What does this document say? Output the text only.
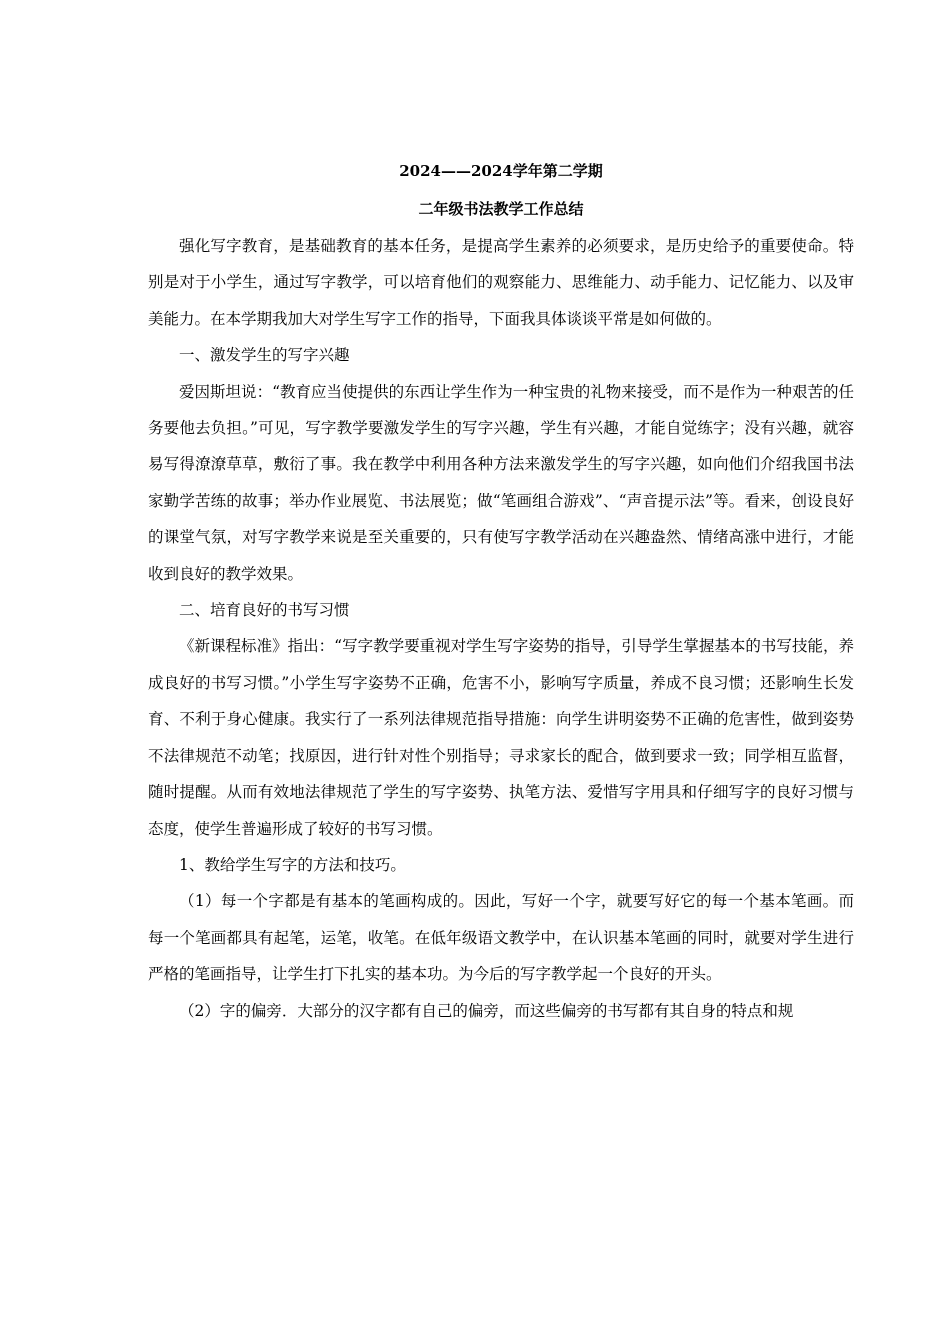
2024——2024学年第二学期

二年级书法教学工作总结

强化写字教育，是基础教育的基本任务，是提高学生素养的必须要求，是历史给予的重要使命。特别是对于小学生，通过写字教学，可以培育他们的观察能力、思维能力、动手能力、记忆能力、以及审美能力。在本学期我加大对学生写字工作的指导，下面我具体谈谈平常是如何做的。

一、激发学生的写字兴趣

爱因斯坦说：“教育应当使提供的东西让学生作为一种宝贵的礼物来接受，而不是作为一种艰苦的任务要他去负担。”可见，写字教学要激发学生的写字兴趣，学生有兴趣，才能自觉练字；没有兴趣，就容易写得潦潦草草，敷衍了事。我在教学中利用各种方法来激发学生的写字兴趣，如向他们介绍我国书法家勤学苦练的故事；举办作业展览、书法展览；做“笔画组合游戏”、“声音提示法”等。看来，创设良好的课堂气氛，对写字教学来说是至关重要的，只有使写字教学活动在兴趣盎然、情绪高涨中进行，才能收到良好的教学效果。

二、培育良好的书写习惯

《新课程标准》指出：“写字教学要重视对学生写字姿势的指导，引导学生掌握基本的书写技能，养成良好的书写习惯。”小学生写字姿势不正确，危害不小，影响写字质量，养成不良习惯；还影响生长发育、不利于身心健康。我实行了一系列法律规范指导措施：向学生讲明姿势不正确的危害性，做到姿势不法律规范不动笔；找原因，进行针对性个别指导；寻求家长的配合，做到要求一致；同学相互监督，随时提醒。从而有效地法律规范了学生的写字姿势、执笔方法、爱惜写字用具和仔细写字的良好习惯与态度，使学生普遍形成了较好的书写习惯。

1、教给学生写字的方法和技巧。

（1）每一个字都是有基本的笔画构成的。因此，写好一个字，就要写好它的每一个基本笔画。而每一个笔画都具有起笔，运笔，收笔。在低年级语文教学中，在认识基本笔画的同时，就要对学生进行严格的笔画指导，让学生打下扎实的基本功。为今后的写字教学起一个良好的开头。

（2）字的偏旁．大部分的汉字都有自己的偏旁，而这些偏旁的书写都有其自身的特点和规
